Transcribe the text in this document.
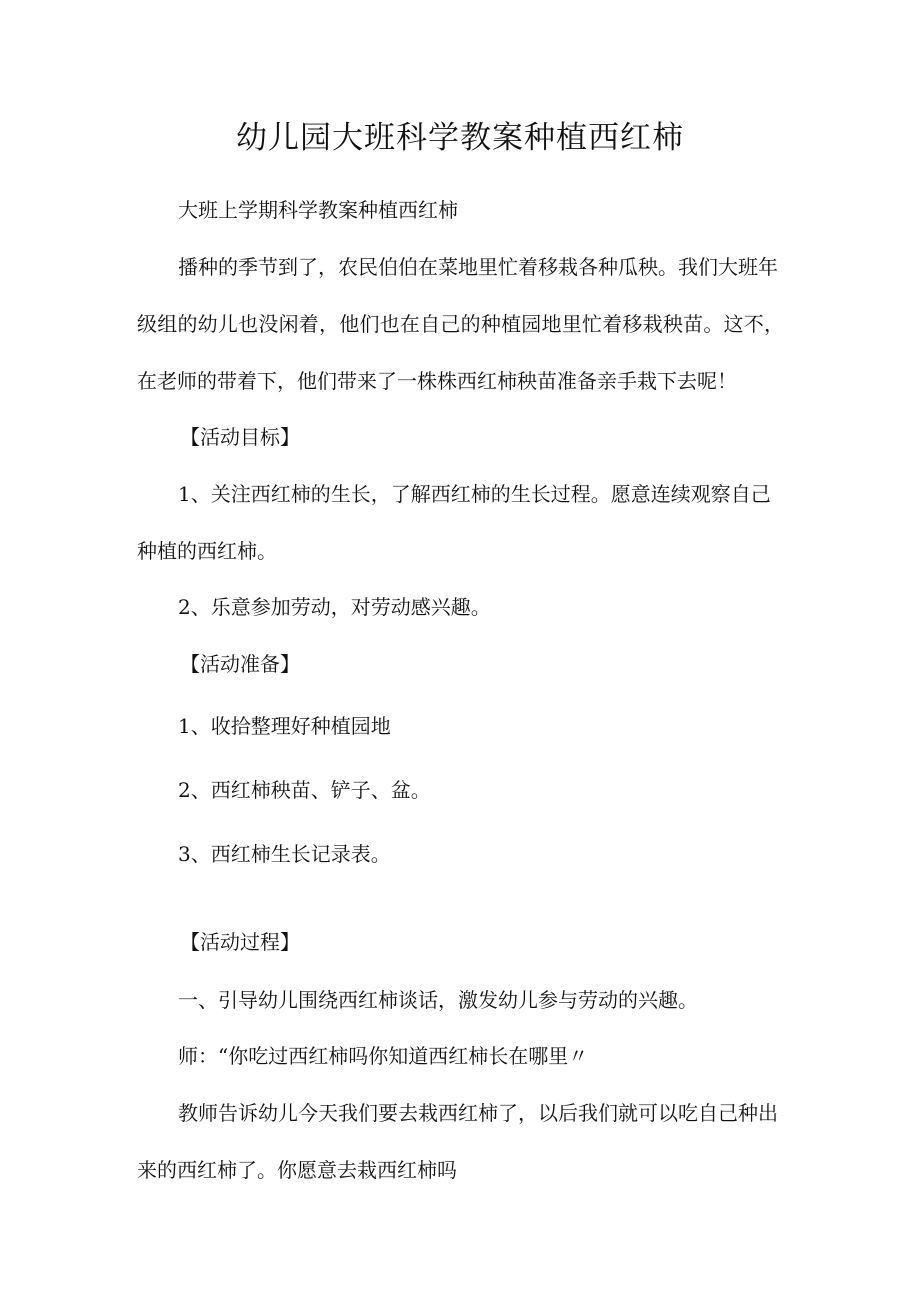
幼儿园大班科学教案种植西红柿
大班上学期科学教案种植西红柿
播种的季节到了，农民伯伯在菜地里忙着移栽各种瓜秧。我们大班年
级组的幼儿也没闲着，他们也在自己的种植园地里忙着移栽秧苗。这不，
在老师的带着下，他们带来了一株株西红柿秧苗准备亲手栽下去呢！
【活动目标】
1、关注西红柿的生长，了解西红柿的生长过程。愿意连续观察自己
种植的西红柿。
2、乐意参加劳动，对劳动感兴趣。
【活动准备】
1、收拾整理好种植园地
2、西红柿秧苗、铲子、盆。
3、西红柿生长记录表。
【活动过程】
一、引导幼儿围绕西红柿谈话，激发幼儿参与劳动的兴趣。
师：“你吃过西红柿吗你知道西红柿长在哪里〃
教师告诉幼儿今天我们要去栽西红柿了，以后我们就可以吃自己种出
来的西红柿了。你愿意去栽西红柿吗
